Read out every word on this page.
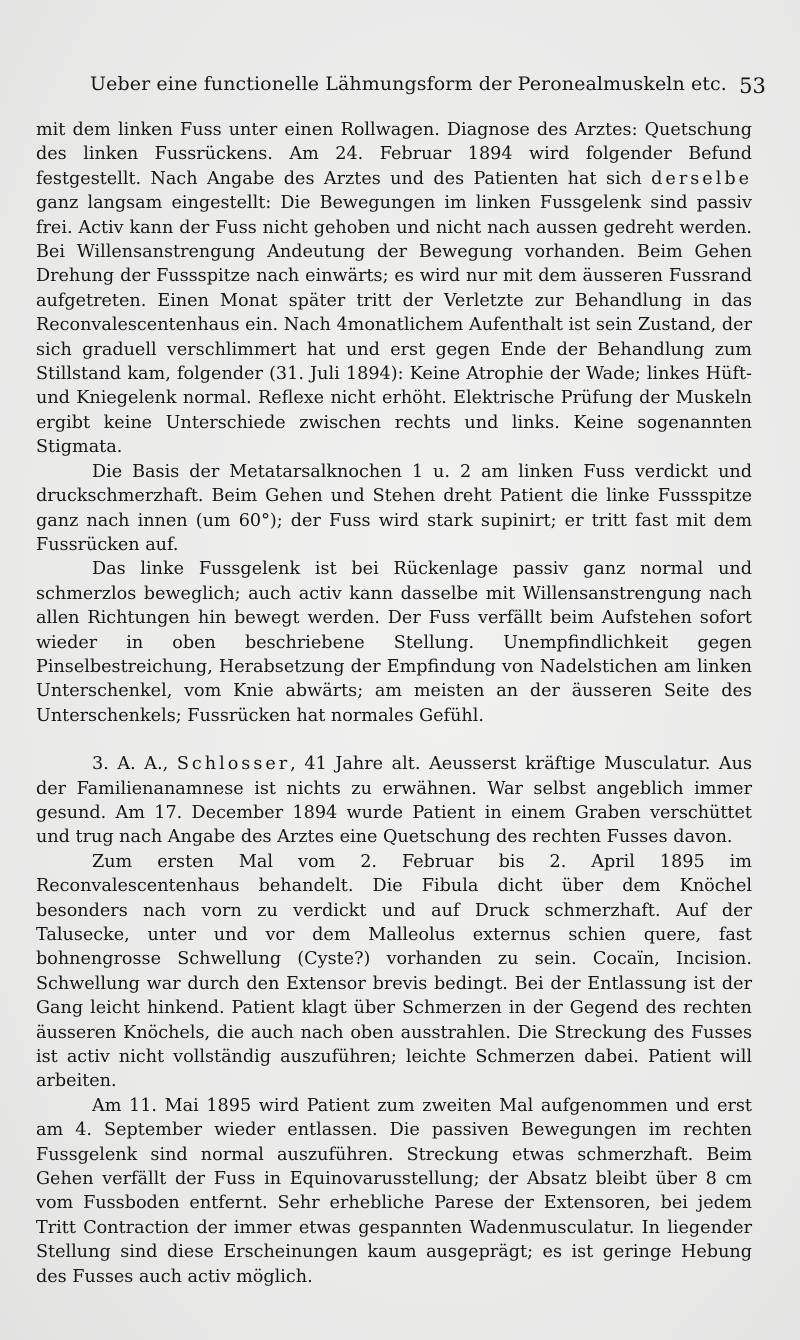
Ueber eine functionelle Lähmungsform der Peronealmuskeln etc. 53

mit dem linken Fuss unter einen Rollwagen. Diagnose des Arztes: Quetschung des linken Fussrückens. Am 24. Februar 1894 wird folgender Befund festgestellt. Nach Angabe des Arztes und des Patienten hat sich derselbe ganz langsam eingestellt: Die Bewegungen im linken Fussgelenk sind passiv frei. Activ kann der Fuss nicht gehoben und nicht nach aussen gedreht werden. Bei Willensanstrengung Andeutung der Bewegung vorhanden. Beim Gehen Drehung der Fussspitze nach einwärts; es wird nur mit dem äusseren Fussrand aufgetreten. Einen Monat später tritt der Verletzte zur Behandlung in das Reconvalescentenhaus ein. Nach 4monatlichem Aufenthalt ist sein Zustand, der sich graduell verschlimmert hat und erst gegen Ende der Behandlung zum Stillstand kam, folgender (31. Juli 1894): Keine Atrophie der Wade; linkes Hüft- und Kniegelenk normal. Reflexe nicht erhöht. Elektrische Prüfung der Muskeln ergibt keine Unterschiede zwischen rechts und links. Keine sogenannten Stigmata.

Die Basis der Metatarsalknochen 1 u. 2 am linken Fuss verdickt und druckschmerzhaft. Beim Gehen und Stehen dreht Patient die linke Fussspitze ganz nach innen (um 60°); der Fuss wird stark supinirt; er tritt fast mit dem Fussrücken auf.

Das linke Fussgelenk ist bei Rückenlage passiv ganz normal und schmerzlos beweglich; auch activ kann dasselbe mit Willensanstrengung nach allen Richtungen hin bewegt werden. Der Fuss verfällt beim Aufstehen sofort wieder in oben beschriebene Stellung. Unempfindlichkeit gegen Pinselbestreichung, Herabsetzung der Empfindung von Nadelstichen am linken Unterschenkel, vom Knie abwärts; am meisten an der äusseren Seite des Unterschenkels; Fussrücken hat normales Gefühl.

3. A. A., Schlosser, 41 Jahre alt. Aeusserst kräftige Musculatur. Aus der Familienanamnese ist nichts zu erwähnen. War selbst angeblich immer gesund. Am 17. December 1894 wurde Patient in einem Graben verschüttet und trug nach Angabe des Arztes eine Quetschung des rechten Fusses davon.

Zum ersten Mal vom 2. Februar bis 2. April 1895 im Reconvalescentenhaus behandelt. Die Fibula dicht über dem Knöchel besonders nach vorn zu verdickt und auf Druck schmerzhaft. Auf der Talusecke, unter und vor dem Malleolus externus schien quere, fast bohnengrosse Schwellung (Cyste?) vorhanden zu sein. Cocaïn, Incision. Schwellung war durch den Extensor brevis bedingt. Bei der Entlassung ist der Gang leicht hinkend. Patient klagt über Schmerzen in der Gegend des rechten äusseren Knöchels, die auch nach oben ausstrahlen. Die Streckung des Fusses ist activ nicht vollständig auszuführen; leichte Schmerzen dabei. Patient will arbeiten.

Am 11. Mai 1895 wird Patient zum zweiten Mal aufgenommen und erst am 4. September wieder entlassen. Die passiven Bewegungen im rechten Fussgelenk sind normal auszuführen. Streckung etwas schmerzhaft. Beim Gehen verfällt der Fuss in Equinovarusstellung; der Absatz bleibt über 8 cm vom Fussboden entfernt. Sehr erhebliche Parese der Extensoren, bei jedem Tritt Contraction der immer etwas gespannten Wadenmusculatur. In liegender Stellung sind diese Erscheinungen kaum ausgeprägt; es ist geringe Hebung des Fusses auch activ möglich.
